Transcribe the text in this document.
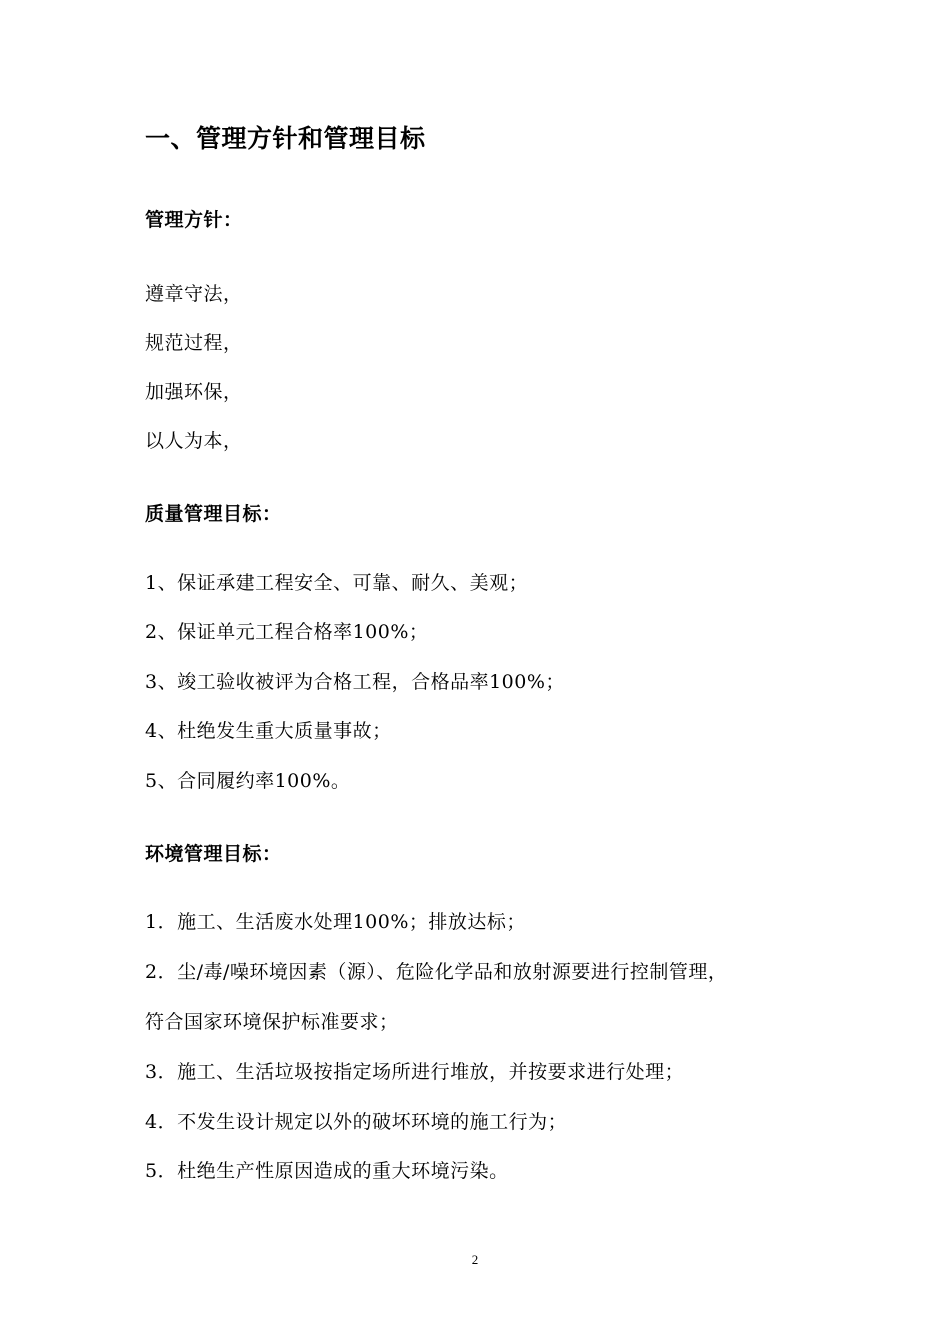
一、管理方针和管理目标
管理方针：
遵章守法，
规范过程，
加强环保，
以人为本，
质量管理目标：
1、保证承建工程安全、可靠、耐久、美观；
2、保证单元工程合格率100%；
3、竣工验收被评为合格工程，合格品率100%；
4、杜绝发生重大质量事故；
5、合同履约率100%。
环境管理目标：
1．施工、生活废水处理100%；排放达标；
2．尘/毒/噪环境因素（源）、危险化学品和放射源要进行控制管理，
符合国家环境保护标准要求；
3．施工、生活垃圾按指定场所进行堆放，并按要求进行处理；
4．不发生设计规定以外的破坏环境的施工行为；
5．杜绝生产性原因造成的重大环境污染。
2
